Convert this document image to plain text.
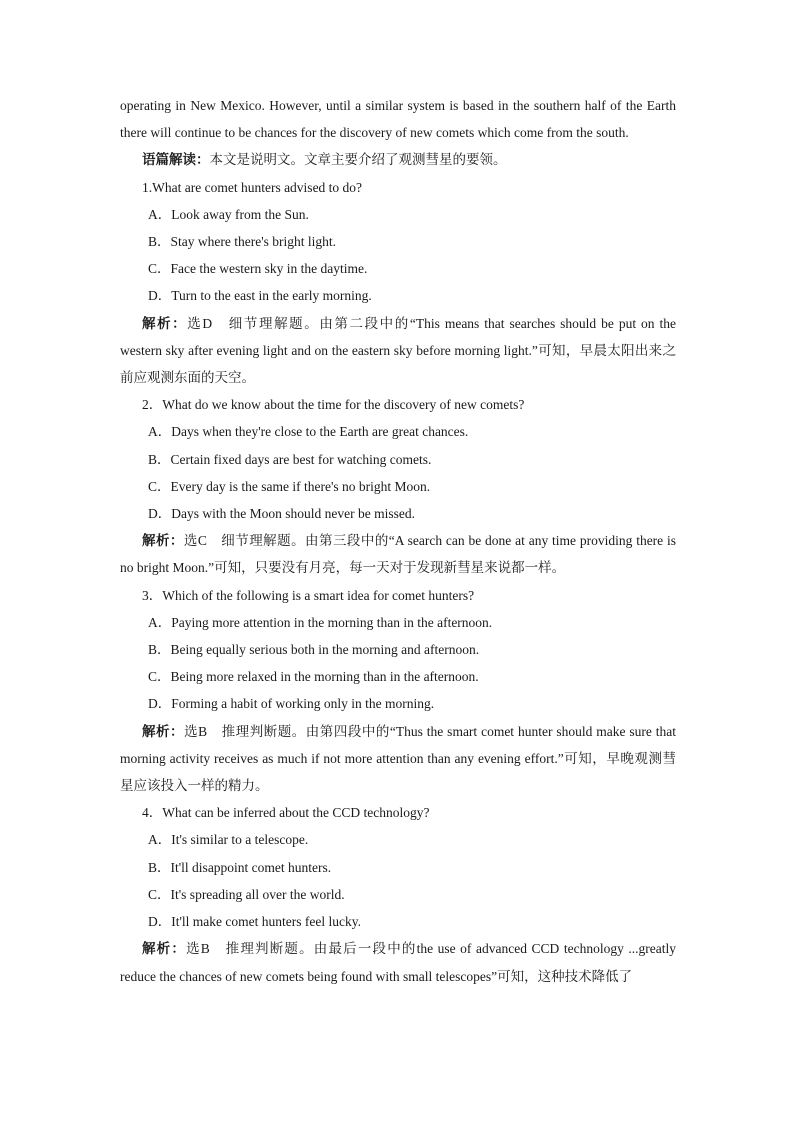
operating in New Mexico. However, until a similar system is based in the southern half of the Earth there will continue to be chances for the discovery of new comets which come from the south.

语篇解读：本文是说明文。文章主要介绍了观测彗星的要领。

1.What are comet hunters advised to do?

A．Look away from the Sun.

B．Stay where there's bright light.

C．Face the western sky in the daytime.

D．Turn to the east in the early morning.

解析：选D　细节理解题。由第二段中的“This means that searches should be put on the western sky after evening light and on the eastern sky before morning light.”可知，早晨太阳出来之前应观测东面的天空。

2．What do we know about the time for the discovery of new comets?

A．Days when they're close to the Earth are great chances.

B．Certain fixed days are best for watching comets.

C．Every day is the same if there's no bright Moon.

D．Days with the Moon should never be missed.

解析：选C　细节理解题。由第三段中的“A search can be done at any time providing there is no bright Moon.”可知，只要没有月亮，每一天对于发现新彗星来说都一样。

3．Which of the following is a smart idea for comet hunters?

A．Paying more attention in the morning than in the afternoon.

B．Being equally serious both in the morning and afternoon.

C．Being more relaxed in the morning than in the afternoon.

D．Forming a habit of working only in the morning.

解析：选B　推理判断题。由第四段中的“Thus the smart comet hunter should make sure that morning activity receives as much if not more attention than any evening effort.”可知，早晚观测彗星应该投入一样的精力。

4．What can be inferred about the CCD technology?

A．It's similar to a telescope.

B．It'll disappoint comet hunters.

C．It's spreading all over the world.

D．It'll make comet hunters feel lucky.

解析：选B　推理判断题。由最后一段中的the use of advanced CCD technology ...greatly reduce the chances of new comets being found with small telescopes”可知，这种技术降低了
